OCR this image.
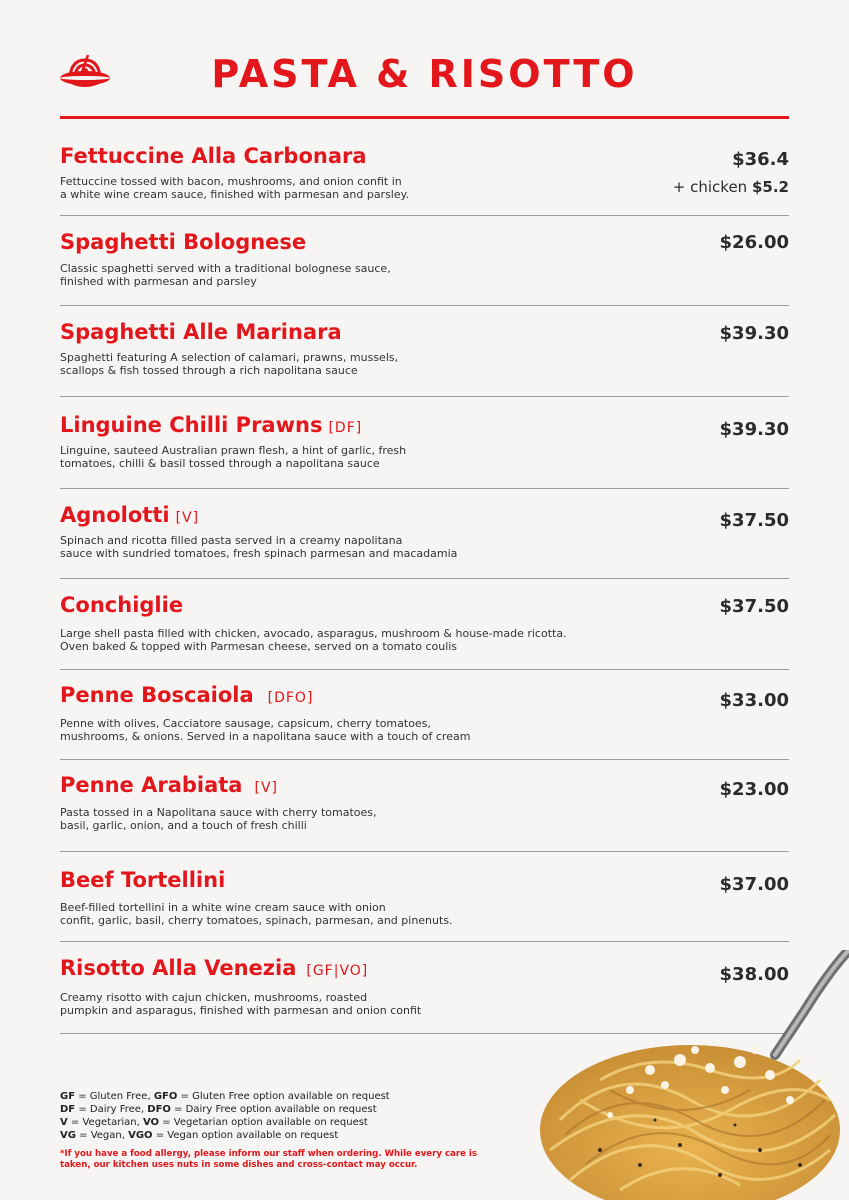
PASTA & RISOTTO
Fettuccine Alla Carbonara
Fettuccine tossed with bacon, mushrooms, and onion confit in
a white wine cream sauce, finished with parmesan and parsley.
$36.4
+ chicken $5.2
Spaghetti Bolognese
Classic spaghetti served with a traditional bolognese sauce,
finished with parmesan and parsley
$26.00
Spaghetti Alle Marinara
Spaghetti featuring A selection of calamari, prawns, mussels,
scallops & fish tossed through a rich napolitana sauce
$39.30
Linguine Chilli Prawns [DF]
Linguine, sauteed Australian prawn flesh, a hint of garlic, fresh
tomatoes, chilli & basil tossed through a napolitana sauce
$39.30
Agnolotti [V]
Spinach and ricotta filled pasta served in a creamy napolitana
sauce with sundried tomatoes, fresh spinach parmesan and macadamia
$37.50
Conchiglie
Large shell pasta filled with chicken, avocado, asparagus, mushroom & house-made ricotta.
Oven baked & topped with Parmesan cheese, served on a tomato coulis
$37.50
Penne Boscaiola [DFO]
Penne with olives, Cacciatore sausage, capsicum, cherry tomatoes,
mushrooms, & onions. Served in a napolitana sauce with a touch of cream
$33.00
Penne Arabiata [V]
Pasta tossed in a Napolitana sauce with cherry tomatoes,
basil, garlic, onion, and a touch of fresh chilli
$23.00
Beef Tortellini
Beef-filled tortellini in a white wine cream sauce with onion
confit, garlic, basil, cherry tomatoes, spinach, parmesan, and pinenuts.
$37.00
Risotto Alla Venezia [GF|VO]
Creamy risotto with cajun chicken, mushrooms, roasted
pumpkin and asparagus, finished with parmesan and onion confit
$38.00
GF = Gluten Free, GFO = Gluten Free option available on request
DF = Dairy Free, DFO = Dairy Free option available on request
V = Vegetarian, VO = Vegetarian option available on request
VG = Vegan, VGO = Vegan option available on request
*If you have a food allergy, please inform our staff when ordering. While every care is taken, our kitchen uses nuts in some dishes and cross-contact may occur.
